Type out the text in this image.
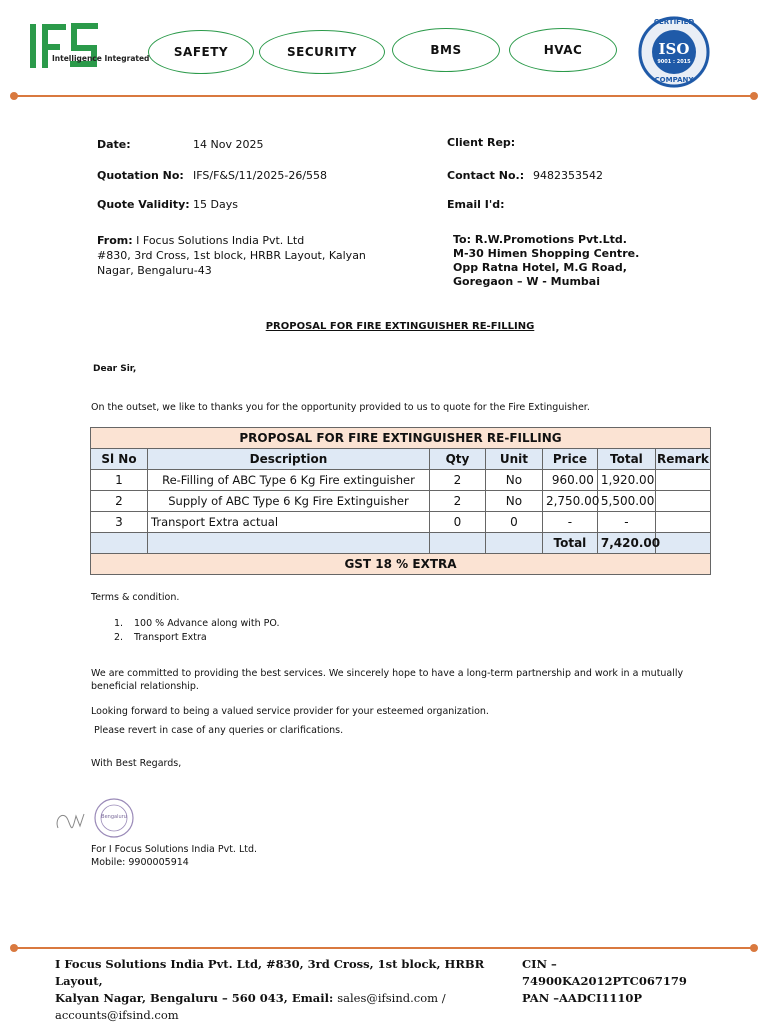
Intelligence Integrated	SAFETY	SECURITY	BMS	HVAC
CERTIFIED
ISO
9001 : 2015
COMPANY
Date:	14 Nov 2025
Quotation No: IFS/F&S/11/2025-26/558
Quote Validity: 15 Days
Client Rep:
Contact No.: 9482353542
Email I'd:
From: I Focus Solutions India Pvt. Ltd
#830, 3rd Cross, 1st block, HRBR Layout, Kalyan
Nagar, Bengaluru-43
To: R.W.Promotions Pvt.Ltd.
M-30 Himen Shopping Centre.
Opp Ratna Hotel, M.G Road,
Goregaon – W - Mumbai
PROPOSAL FOR FIRE EXTINGUISHER RE-FILLING
Dear Sir,
On the outset, we like to thanks you for the opportunity provided to us to quote for the Fire Extinguisher.
PROPOSAL FOR FIRE EXTINGUISHER RE-FILLING						
Sl No	Description	Qty	Unit	Price	Total	Remark
1	Re-Filling of ABC Type 6 Kg Fire extinguisher	2	No	960.00	1,920.00	
2	Supply of ABC Type 6 Kg Fire Extinguisher	2	No	2,750.00	5,500.00	
3	Transport Extra actual	0	0	-	-	
				Total	7,420.00	
GST 18 % EXTRA						
Terms & condition.
1. 100 % Advance along with PO.
2. Transport Extra
We are committed to providing the best services. We sincerely hope to have a long-term partnership and work in a mutually beneficial relationship.
Looking forward to being a valued service provider for your esteemed organization.
Please revert in case of any queries or clarifications.
With Best Regards,
Bengaluru
For I Focus Solutions India Pvt. Ltd.
Mobile: 9900005914
I Focus Solutions India Pvt. Ltd, #830, 3rd Cross, 1st block, HRBR Layout,
Kalyan Nagar, Bengaluru – 560 043, Email: sales@ifsind.com / accounts@ifsind.com
CIN – 74900KA2012PTC067179
PAN –AADCI1110P
